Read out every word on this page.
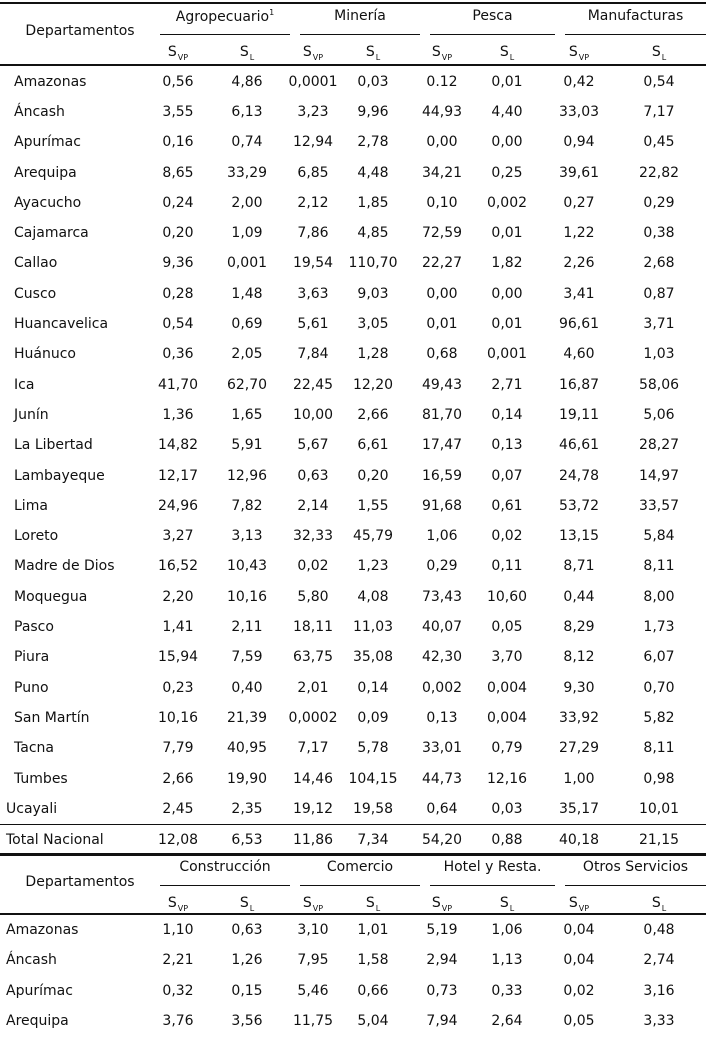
Departamentos
Agropecuario$^1$	Minería	Pesca	Manufacturas
$S_{VP}$	$S_L$	$S_{VP}$	$S_L$	$S_{VP}$	$S_L$	$S_{VP}$	$S_L$
Amazonas	0,56	4,86	0,0001	0,03	0.12	0,01	0,42	0,54
Áncash	3,55	6,13	3,23	9,96	44,93	4,40	33,03	7,17
Apurímac	0,16	0,74	12,94	2,78	0,00	0,00	0,94	0,45
Arequipa	8,65	33,29	6,85	4,48	34,21	0,25	39,61	22,82
Ayacucho	0,24	2,00	2,12	1,85	0,10	0,002	0,27	0,29
Cajamarca	0,20	1,09	7,86	4,85	72,59	0,01	1,22	0,38
Callao	9,36	0,001	19,54	110,70	22,27	1,82	2,26	2,68
Cusco	0,28	1,48	3,63	9,03	0,00	0,00	3,41	0,87
Huancavelica	0,54	0,69	5,61	3,05	0,01	0,01	96,61	3,71
Huánuco	0,36	2,05	7,84	1,28	0,68	0,001	4,60	1,03
Ica	41,70	62,70	22,45	12,20	49,43	2,71	16,87	58,06
Junín	1,36	1,65	10,00	2,66	81,70	0,14	19,11	5,06
La Libertad	14,82	5,91	5,67	6,61	17,47	0,13	46,61	28,27
Lambayeque	12,17	12,96	0,63	0,20	16,59	0,07	24,78	14,97
Lima	24,96	7,82	2,14	1,55	91,68	0,61	53,72	33,57
Loreto	3,27	3,13	32,33	45,79	1,06	0,02	13,15	5,84
Madre de Dios	16,52	10,43	0,02	1,23	0,29	0,11	8,71	8,11
Moquegua	2,20	10,16	5,80	4,08	73,43	10,60	0,44	8,00
Pasco	1,41	2,11	18,11	11,03	40,07	0,05	8,29	1,73
Piura	15,94	7,59	63,75	35,08	42,30	3,70	8,12	6,07
Puno	0,23	0,40	2,01	0,14	0,002	0,004	9,30	0,70
San Martín	10,16	21,39	0,0002	0,09	0,13	0,004	33,92	5,82
Tacna	7,79	40,95	7,17	5,78	33,01	0,79	27,29	8,11
Tumbes	2,66	19,90	14,46	104,15	44,73	12,16	1,00	0,98
Ucayali	2,45	2,35	19,12	19,58	0,64	0,03	35,17	10,01
Total Nacional	12,08	6,53	11,86	7,34	54,20	0,88	40,18	21,15
Departamentos
Construcción	Comercio	Hotel y Resta.	Otros Servicios
$S_{VP}$	$S_L$	$S_{VP}$	$S_L$	$S_{VP}$	$S_L$	$S_{VP}$	$S_L$
Amazonas	1,10	0,63	3,10	1,01	5,19	1,06	0,04	0,48
Áncash	2,21	1,26	7,95	1,58	2,94	1,13	0,04	2,74
Apurímac	0,32	0,15	5,46	0,66	0,73	0,33	0,02	3,16
Arequipa	3,76	3,56	11,75	5,04	7,94	2,64	0,05	3,33
